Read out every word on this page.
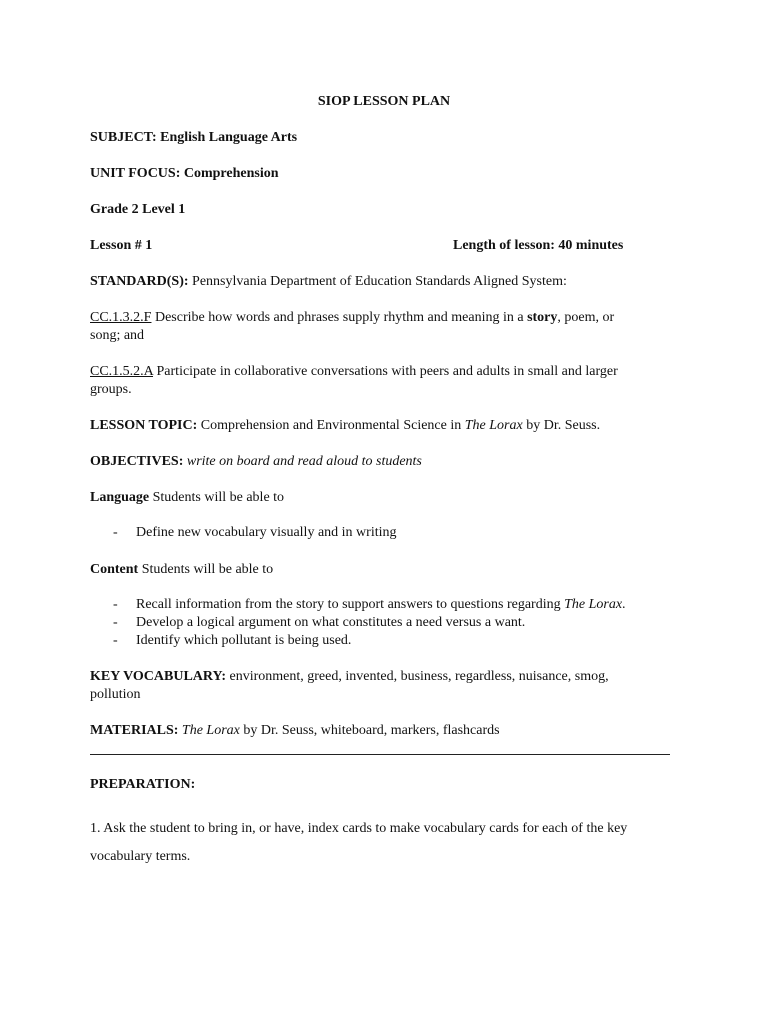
SIOP LESSON PLAN
SUBJECT: English Language Arts
UNIT FOCUS: Comprehension
Grade 2 Level 1
Lesson # 1	Length of lesson: 40 minutes
STANDARD(S): Pennsylvania Department of Education Standards Aligned System:
CC.1.3.2.F Describe how words and phrases supply rhythm and meaning in a story, poem, or
song; and
CC.1.5.2.A Participate in collaborative conversations with peers and adults in small and larger
groups.
LESSON TOPIC: Comprehension and Environmental Science in The Lorax by Dr. Seuss.
OBJECTIVES: write on board and read aloud to students
Language Students will be able to
- Define new vocabulary visually and in writing
Content Students will be able to
- Recall information from the story to support answers to questions regarding The Lorax.
- Develop a logical argument on what constitutes a need versus a want.
- Identify which pollutant is being used.
KEY VOCABULARY: environment, greed, invented, business, regardless, nuisance, smog,
pollution
MATERIALS: The Lorax by Dr. Seuss, whiteboard, markers, flashcards
PREPARATION:
1. Ask the student to bring in, or have, index cards to make vocabulary cards for each of the key
vocabulary terms.
